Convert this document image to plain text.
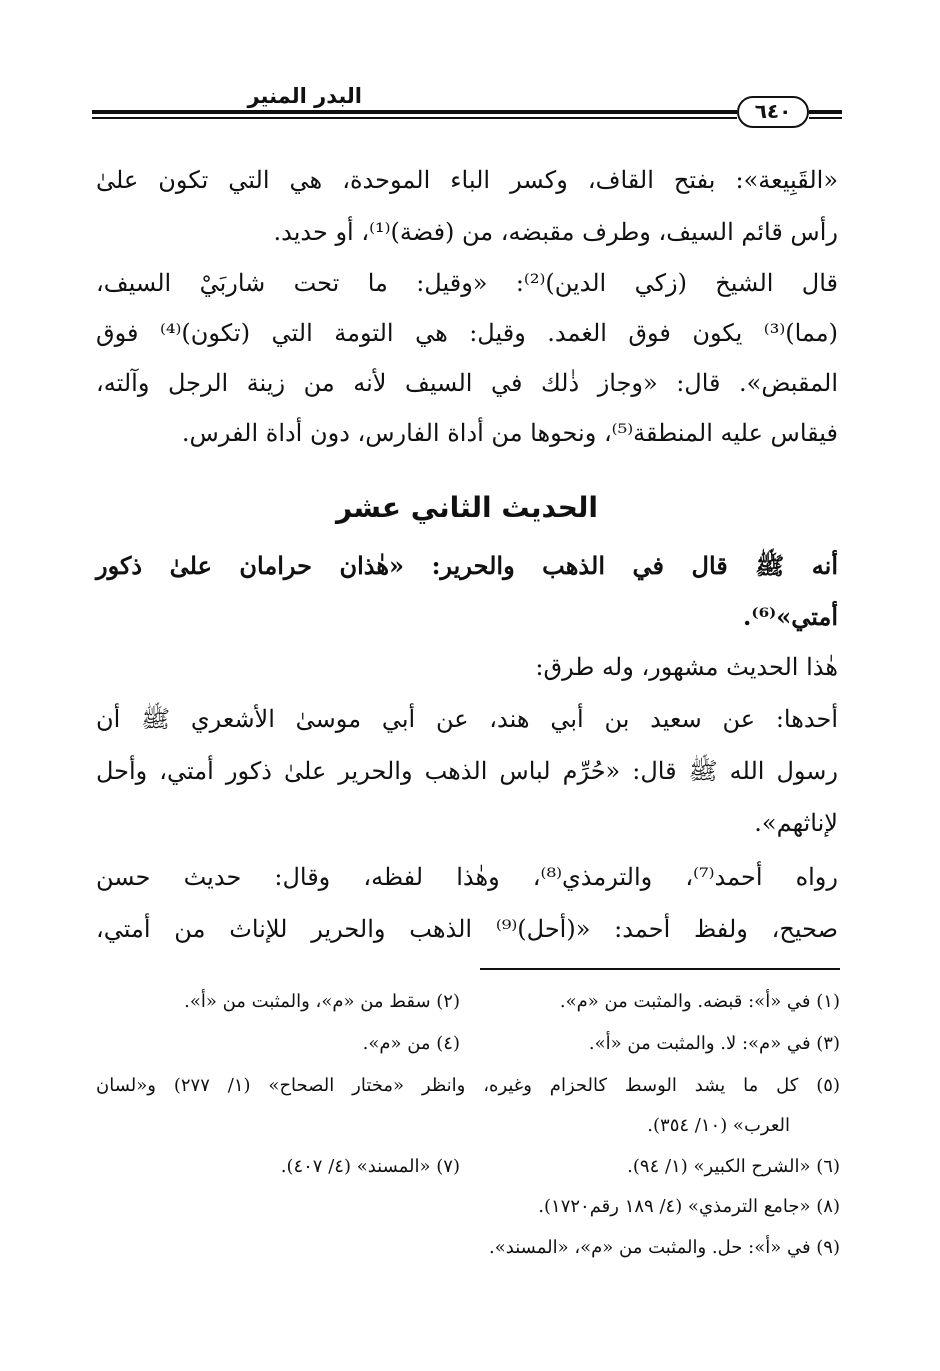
البدر المنير
٦٤٠
«القَبِيعة»: بفتح القاف، وكسر الباء الموحدة، هي التي تكون علىٰ
رأس قائم السيف، وطرف مقبضه، من (فضة)⁽¹⁾، أو حديد.
قال الشيخ (زكي الدين)⁽²⁾: «وقيل: ما تحت شاربَيْ السيف،
(مما)⁽³⁾ يكون فوق الغمد. وقيل: هي التومة التي (تكون)⁽⁴⁾ فوق
المقبض». قال: «وجاز ذٰلك في السيف لأنه من زينة الرجل وآلته،
فيقاس عليه المنطقة⁽⁵⁾، ونحوها من أداة الفارس، دون أداة الفرس.
الحديث الثاني عشر
أنه ﷺ قال في الذهب والحرير: «هٰذان حرامان علىٰ ذكور
أمتي»⁽⁶⁾.
هٰذا الحديث مشهور، وله طرق:
أحدها: عن سعيد بن أبي هند، عن أبي موسىٰ الأشعري ﷺ أن
رسول الله ﷺ قال: «حُرِّم لباس الذهب والحرير علىٰ ذكور أمتي، وأحل
لإناثهم».
رواه أحمد⁽⁷⁾، والترمذي⁽⁸⁾، وهٰذا لفظه، وقال: حديث حسن
صحيح، ولفظ أحمد: «(أحل)⁽⁹⁾ الذهب والحرير للإناث من أمتي،
(١) في «أ»: قبضه. والمثبت من «م».
(٢) سقط من «م»، والمثبت من «أ».
(٣) في «م»: لا. والمثبت من «أ».
(٤) من «م».
(٥) كل ما يشد الوسط كالحزام وغيره، وانظر «مختار الصحاح» (١/ ٢٧٧) و«لسان
العرب» (١٠/ ٣٥٤).
(٦) «الشرح الكبير» (١/ ٩٤).
(٧) «المسند» (٤/ ٤٠٧).
(٨) «جامع الترمذي» (٤/ ١٨٩ رقم١٧٢٠).
(٩) في «أ»: حل. والمثبت من «م»، «المسند».
